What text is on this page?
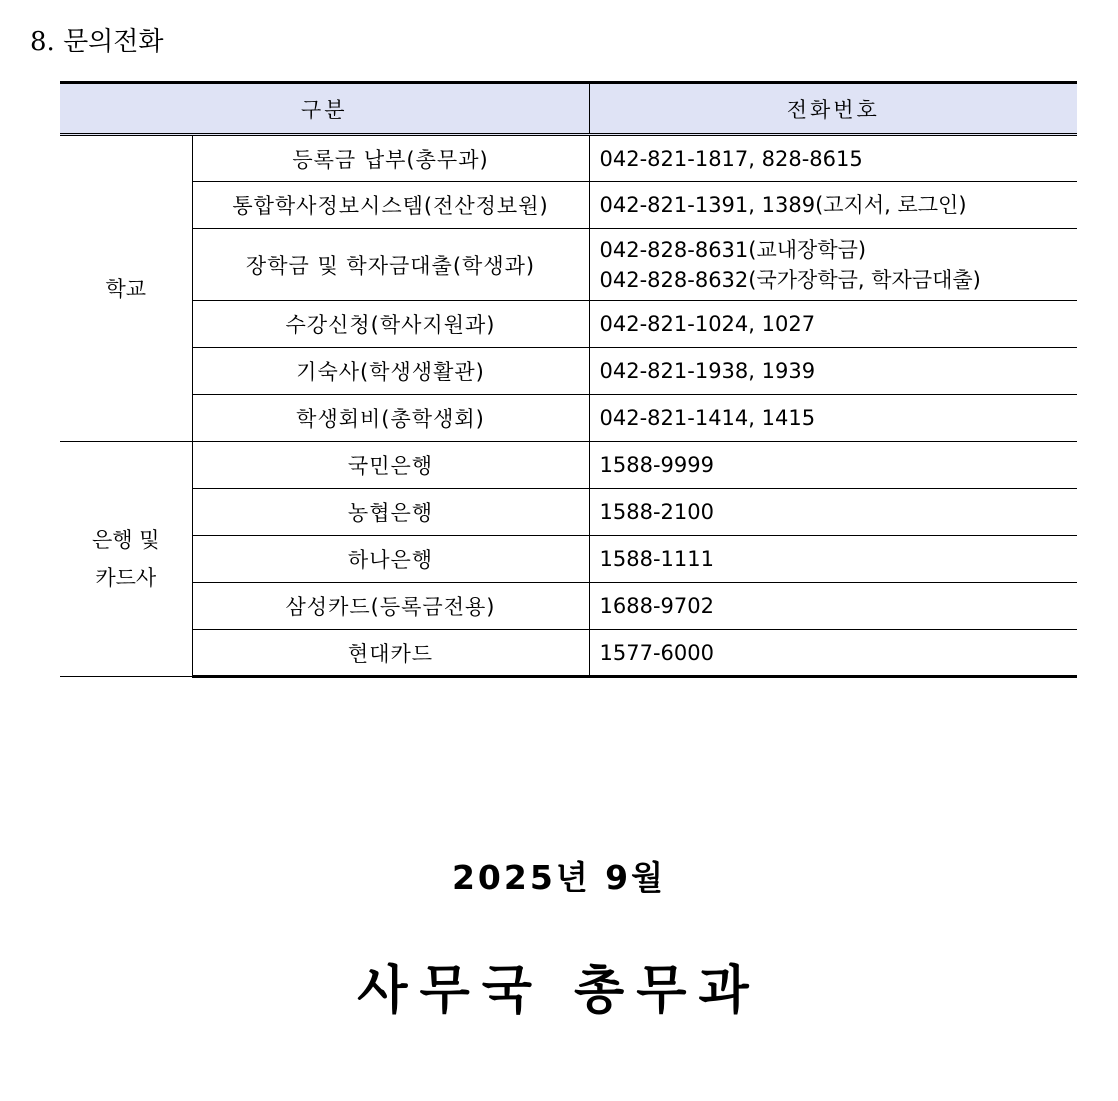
8. 문의전화
구분		전화번호
학교	등록금 납부(총무과)	042-821-1817, 828-8615

	통합학사정보시스템(전산정보원)	042-821-1391, 1389(고지서, 로그인)

	장학금 및 학자금대출(학생과)	042-828-8631(교내장학금)
042-828-8632(국가장학금, 학자금대출)

	수강신청(학사지원과)	042-821-1024, 1027

	기숙사(학생생활관)	042-821-1938, 1939

	학생회비(총학생회)	042-821-1414, 1415

은행 및
카드사	국민은행	1588-9999

	농협은행	1588-2100

	하나은행	1588-1111

	삼성카드(등록금전용)	1688-9702

	현대카드	1577-6000
2025년 9월
사무국 총무과
